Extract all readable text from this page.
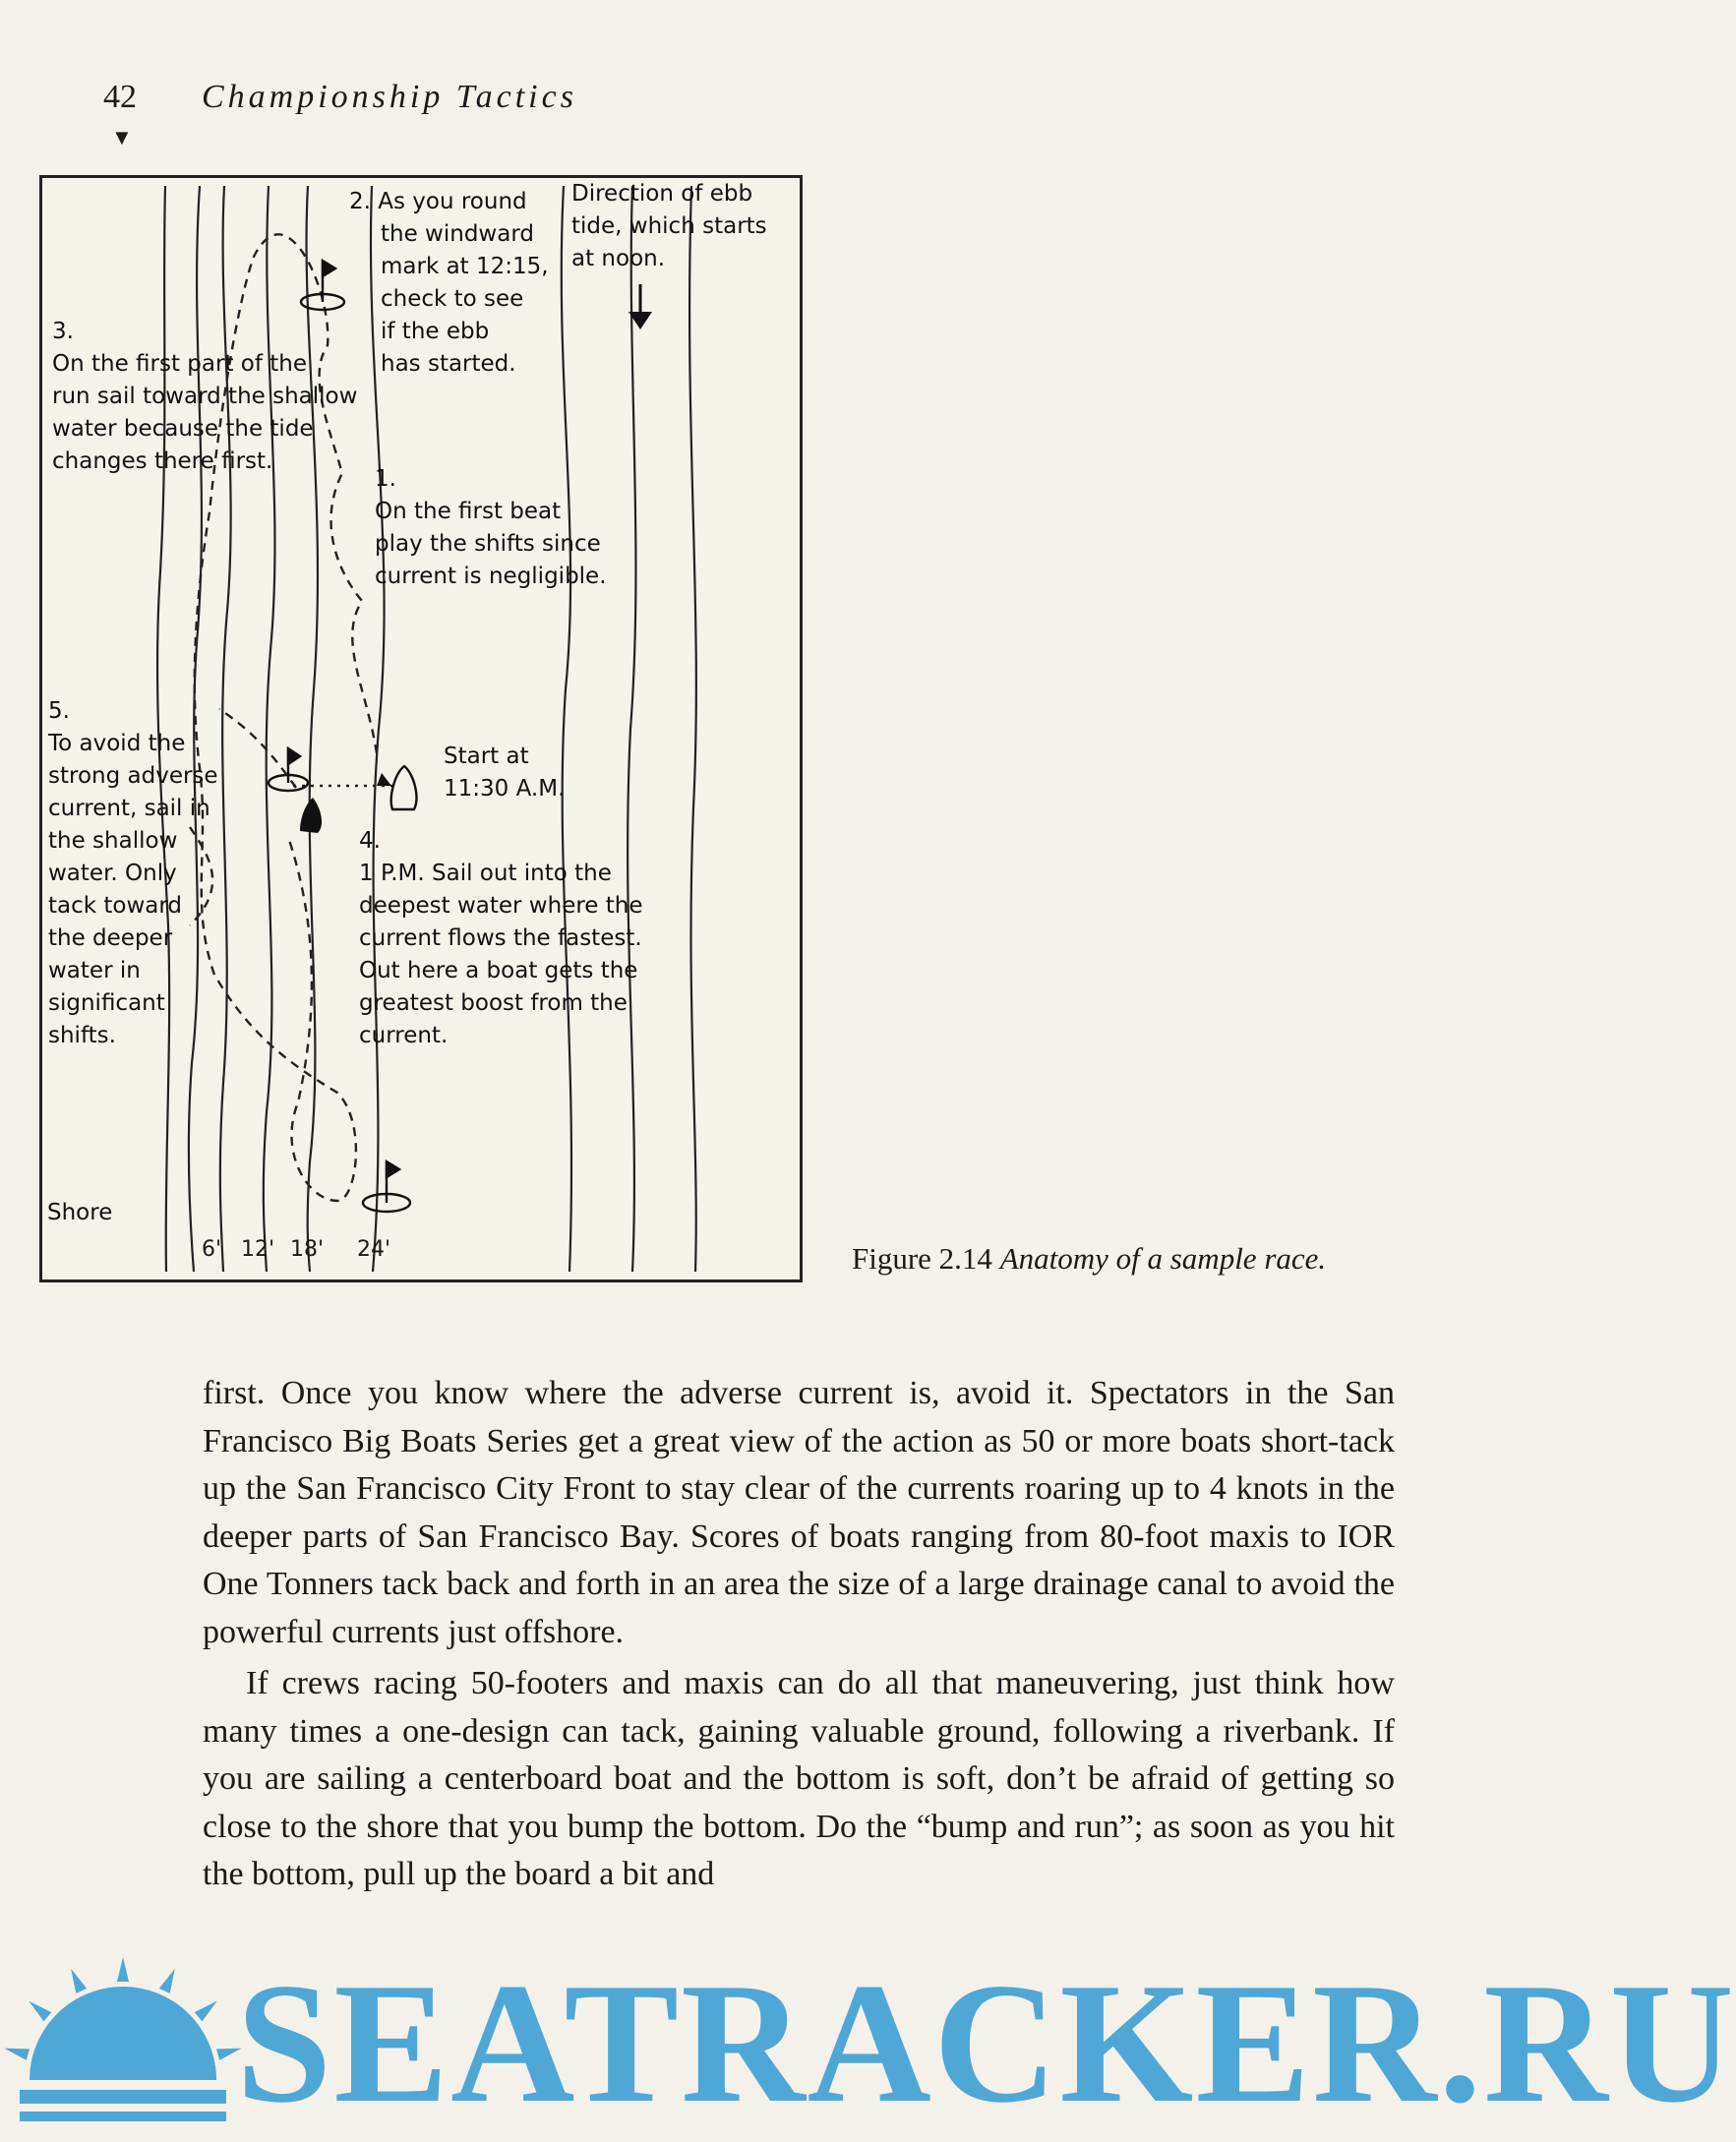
42 Championship Tactics
▼
2. As you round
the windward
mark at 12:15,
check to see
if the ebb
has started.
Direction of ebb
tide, which starts
at noon.
3.
On the first part of the
run sail toward the shallow
water because the tide
changes there first.
1.
On the first beat
play the shifts since
current is negligible.
5.
To avoid the
strong adverse
current, sail in
the shallow
water. Only
tack toward
the deeper
water in
significant
shifts.
Start at
11:30 A.M.
4.
1 P.M. Sail out into the
deepest water where the
current flows the fastest.
Out here a boat gets the
greatest boost from the
current.
Shore
6' 12' 18' 24'	Figure 2.14 Anatomy of a sample race.

first. Once you know where the adverse current is, avoid it. Spectators in the San Francisco Big Boats Series get a great view of the action as 50 or more boats short-tack up the San Francisco City Front to stay clear of the currents roaring up to 4 knots in the deeper parts of San Francisco Bay. Scores of boats ranging from 80-foot maxis to IOR One Tonners tack back and forth in an area the size of a large drainage canal to avoid the powerful currents just offshore.

If crews racing 50-footers and maxis can do all that maneuvering, just think how many times a one-design can tack, gaining valuable ground, following a riverbank. If you are sailing a centerboard boat and the bottom is soft, don’t be afraid of getting so close to the shore that you bump the bottom. Do the “bump and run”; as soon as you hit the bottom, pull up the board a bit and

SEATRACKER.RU
